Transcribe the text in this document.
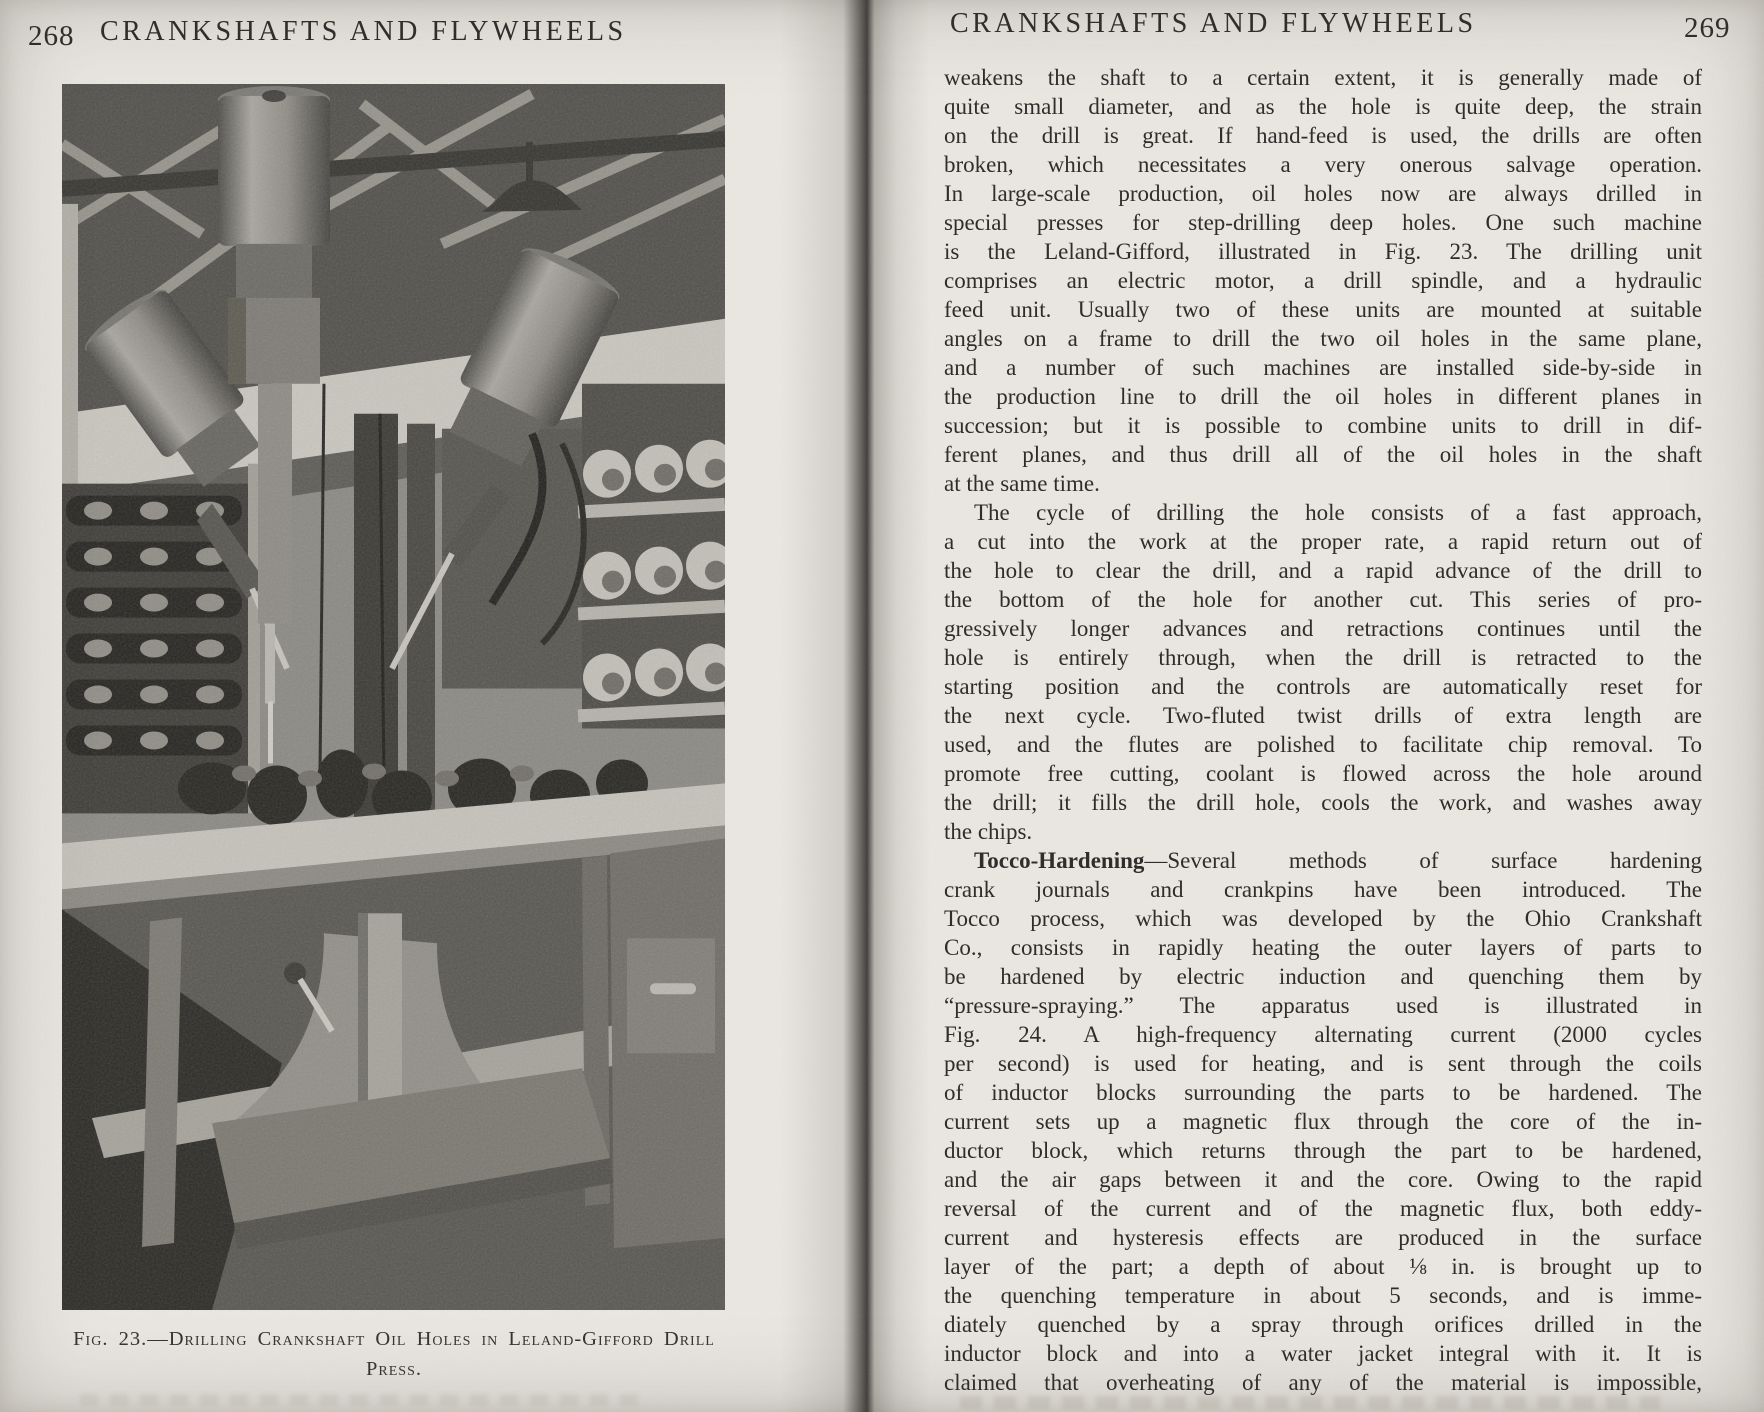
268 CRANKSHAFTS AND FLYWHEELS
Fig. 23.—Drilling Crankshaft Oil Holes in Leland-Gifford Drill
Press.
CRANKSHAFTS AND FLYWHEELS	269
weakens the shaft to a certain extent, it is generally made of
quite small diameter, and as the hole is quite deep, the strain
on the drill is great. If hand-feed is used, the drills are often
broken, which necessitates a very onerous salvage operation.
In large-scale production, oil holes now are always drilled in
special presses for step-drilling deep holes. One such machine
is the Leland-Gifford, illustrated in Fig. 23. The drilling unit
comprises an electric motor, a drill spindle, and a hydraulic
feed unit. Usually two of these units are mounted at suitable
angles on a frame to drill the two oil holes in the same plane,
and a number of such machines are installed side-by-side in
the production line to drill the oil holes in different planes in
succession; but it is possible to combine units to drill in dif-
ferent planes, and thus drill all of the oil holes in the shaft
at the same time.
The cycle of drilling the hole consists of a fast approach,
a cut into the work at the proper rate, a rapid return out of
the hole to clear the drill, and a rapid advance of the drill to
the bottom of the hole for another cut. This series of pro-
gressively longer advances and retractions continues until the
hole is entirely through, when the drill is retracted to the
starting position and the controls are automatically reset for
the next cycle. Two-fluted twist drills of extra length are
used, and the flutes are polished to facilitate chip removal. To
promote free cutting, coolant is flowed across the hole around
the drill; it fills the drill hole, cools the work, and washes away
the chips.
Tocco-Hardening—Several methods of surface hardening
crank journals and crankpins have been introduced. The
Tocco process, which was developed by the Ohio Crankshaft
Co., consists in rapidly heating the outer layers of parts to
be hardened by electric induction and quenching them by
“pressure-spraying.” The apparatus used is illustrated in
Fig. 24. A high-frequency alternating current (2000 cycles
per second) is used for heating, and is sent through the coils
of inductor blocks surrounding the parts to be hardened. The
current sets up a magnetic flux through the core of the in-
ductor block, which returns through the part to be hardened,
and the air gaps between it and the core. Owing to the rapid
reversal of the current and of the magnetic flux, both eddy-
current and hysteresis effects are produced in the surface
layer of the part; a depth of about ⅛ in. is brought up to
the quenching temperature in about 5 seconds, and is imme-
diately quenched by a spray through orifices drilled in the
inductor block and into a water jacket integral with it. It is
claimed that overheating of any of the material is impossible,
